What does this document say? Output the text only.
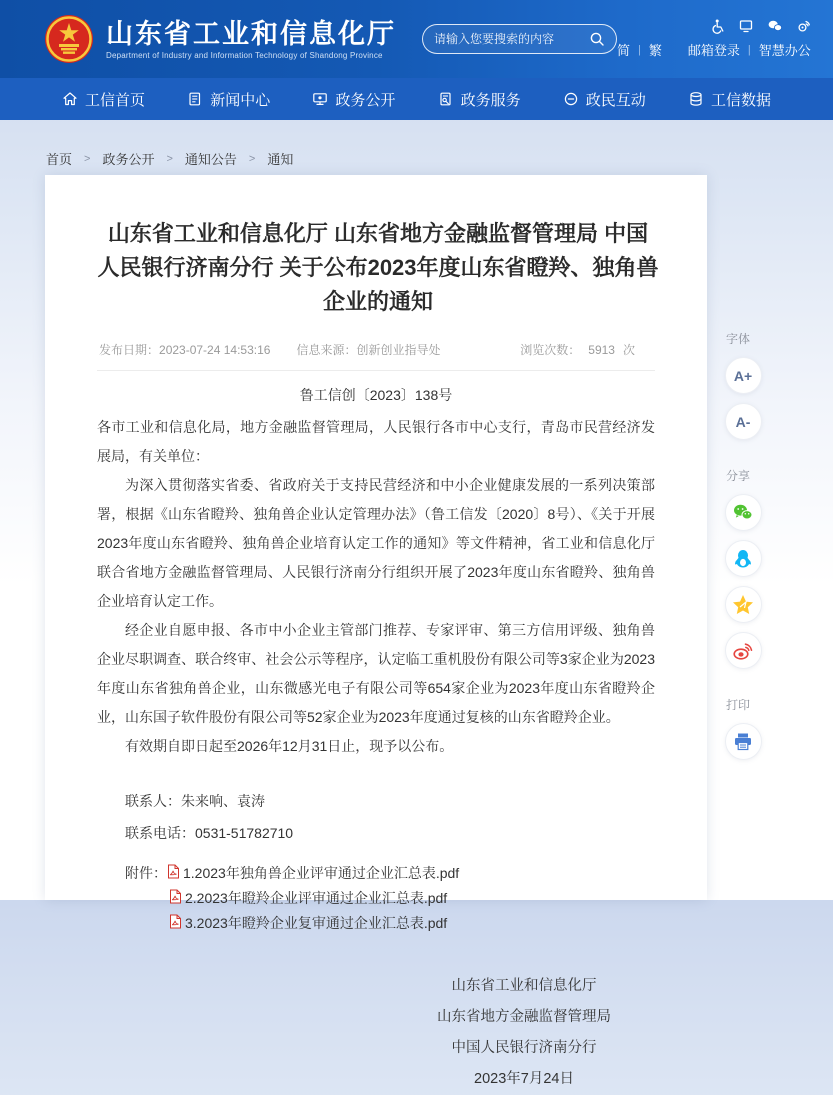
山东省工业和信息化厅
Department of Industry and Information Technology of Shandong Province
请输入您要搜索的内容	简 | 繁 邮箱登录 | 智慧办公
工信首页	新闻中心	政务公开	政务服务	政民互动	工信数据
首页 > 政务公开 > 通知公告 > 通知
山东省工业和信息化厅 山东省地方金融监督管理局 中国人民银行济南分行 关于公布2023年度山东省瞪羚、独角兽企业的通知
发布日期：2023-07-24 14:53:16 信息来源：创新创业指导处	浏览次数： 5913 次
鲁工信创〔2023〕138号

各市工业和信息化局，地方金融监督管理局，人民银行各市中心支行，青岛市民营经济发展局，有关单位：

为深入贯彻落实省委、省政府关于支持民营经济和中小企业健康发展的一系列决策部署，根据《山东省瞪羚、独角兽企业认定管理办法》（鲁工信发〔2020〕8号）、《关于开展2023年度山东省瞪羚、独角兽企业培育认定工作的通知》等文件精神，省工业和信息化厅联合省地方金融监督管理局、人民银行济南分行组织开展了2023年度山东省瞪羚、独角兽企业培育认定工作。

经企业自愿申报、各市中小企业主管部门推荐、专家评审、第三方信用评级、独角兽企业尽职调查、联合终审、社会公示等程序，认定临工重机股份有限公司等3家企业为2023年度山东省独角兽企业，山东微感光电子有限公司等654家企业为2023年度山东省瞪羚企业，山东国子软件股份有限公司等52家企业为2023年度通过复核的山东省瞪羚企业。

有效期自即日起至2026年12月31日止，现予以公布。

联系人：朱来响、袁涛
联系电话：0531-51782710
附件： 1.2023年独角兽企业评审通过企业汇总表.pdf
2.2023年瞪羚企业评审通过企业汇总表.pdf
3.2023年瞪羚企业复审通过企业汇总表.pdf
山东省工业和信息化厅
山东省地方金融监督管理局
中国人民银行济南分行
2023年7月24日
字体
A+
A-
分享
打印
